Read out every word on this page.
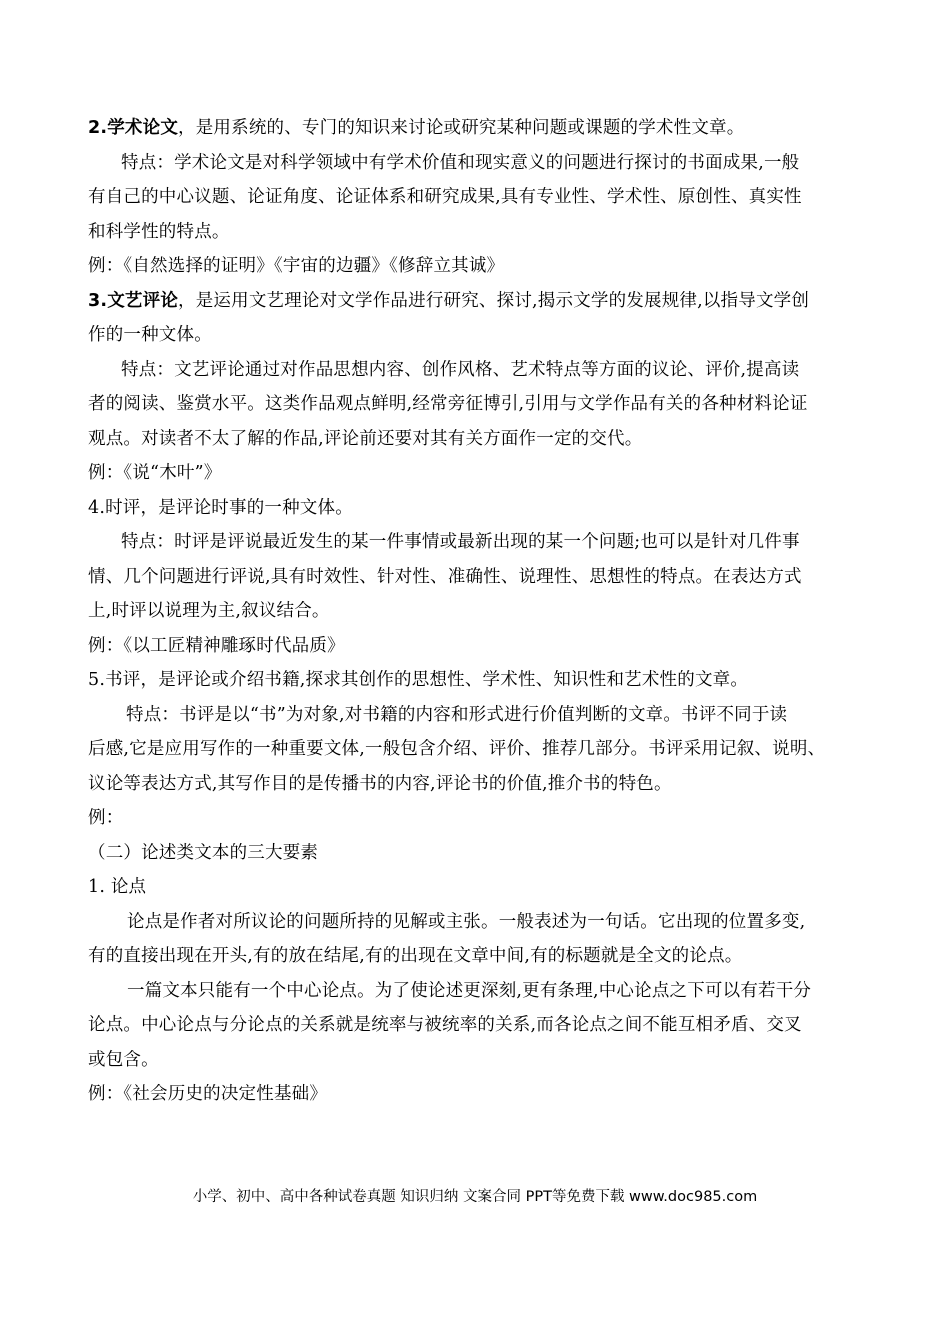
2.学术论文，是用系统的、专门的知识来讨论或研究某种问题或课题的学术性文章。
特点：学术论文是对科学领域中有学术价值和现实意义的问题进行探讨的书面成果,一般
有自己的中心议题、论证角度、论证体系和研究成果,具有专业性、学术性、原创性、真实性
和科学性的特点。
例：《自然选择的证明》《宇宙的边疆》《修辞立其诚》
3.文艺评论，是运用文艺理论对文学作品进行研究、探讨,揭示文学的发展规律,以指导文学创
作的一种文体。
特点：文艺评论通过对作品思想内容、创作风格、艺术特点等方面的议论、评价,提高读
者的阅读、鉴赏水平。这类作品观点鲜明,经常旁征博引,引用与文学作品有关的各种材料论证
观点。对读者不太了解的作品,评论前还要对其有关方面作一定的交代。
例：《说“木叶”》
4.时评，是评论时事的一种文体。
特点：时评是评说最近发生的某一件事情或最新出现的某一个问题;也可以是针对几件事
情、几个问题进行评说,具有时效性、针对性、准确性、说理性、思想性的特点。在表达方式
上,时评以说理为主,叙议结合。
例：《以工匠精神雕琢时代品质》
5.书评，是评论或介绍书籍,探求其创作的思想性、学术性、知识性和艺术性的文章。
特点：书评是以“书”为对象,对书籍的内容和形式进行价值判断的文章。书评不同于读
后感,它是应用写作的一种重要文体,一般包含介绍、评价、推荐几部分。书评采用记叙、说明、
议论等表达方式,其写作目的是传播书的内容,评论书的价值,推介书的特色。
例：
（二）论述类文本的三大要素
1. 论点
论点是作者对所议论的问题所持的见解或主张。一般表述为一句话。它出现的位置多变,
有的直接出现在开头,有的放在结尾,有的出现在文章中间,有的标题就是全文的论点。
一篇文本只能有一个中心论点。为了使论述更深刻,更有条理,中心论点之下可以有若干分
论点。中心论点与分论点的关系就是统率与被统率的关系,而各论点之间不能互相矛盾、交叉
或包含。
例：《社会历史的决定性基础》
小学、初中、高中各种试卷真题 知识归纳 文案合同 PPT等免费下载 www.doc985.com
